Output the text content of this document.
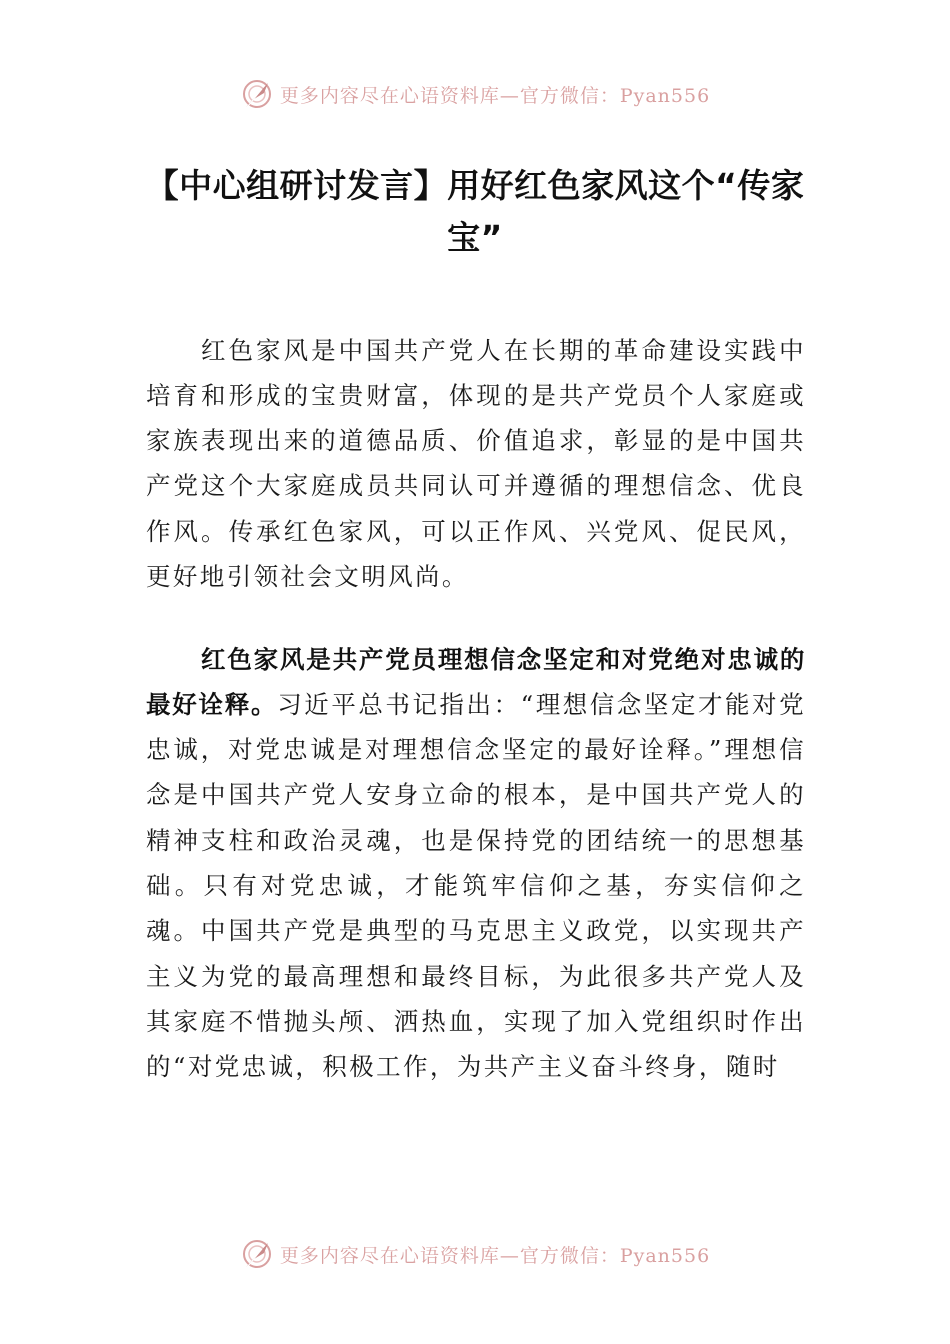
更多内容尽在心语资料库—官方微信：Pyan556
【中心组研讨发言】用好红色家风这个“传家宝”

红色家风是中国共产党人在长期的革命建设实践中培育和形成的宝贵财富，体现的是共产党员个人家庭或家族表现出来的道德品质、价值追求，彰显的是中国共产党这个大家庭成员共同认可并遵循的理想信念、优良作风。传承红色家风，可以正作风、兴党风、促民风，更好地引领社会文明风尚。

红色家风是共产党员理想信念坚定和对党绝对忠诚的最好诠释。习近平总书记指出：“理想信念坚定才能对党忠诚，对党忠诚是对理想信念坚定的最好诠释。”理想信念是中国共产党人安身立命的根本，是中国共产党人的精神支柱和政治灵魂，也是保持党的团结统一的思想基础。只有对党忠诚，才能筑牢信仰之基，夯实信仰之魂。中国共产党是典型的马克思主义政党，以实现共产主义为党的最高理想和最终目标，为此很多共产党人及其家庭不惜抛头颅、洒热血，实现了加入党组织时作出的“对党忠诚，积极工作，为共产主义奋斗终身，随时

更多内容尽在心语资料库—官方微信：Pyan556
